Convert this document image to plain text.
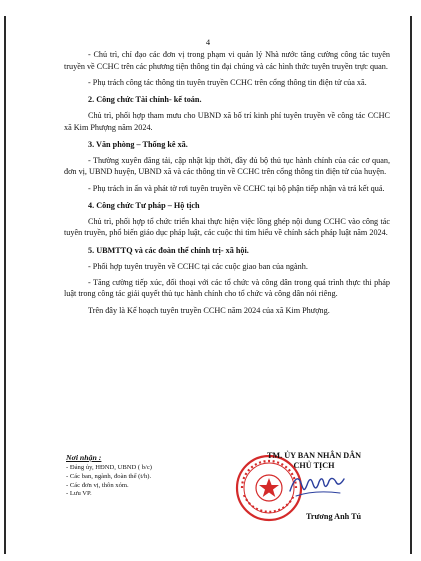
4

- Chủ trì, chỉ đạo các đơn vị trong phạm vi quản lý Nhà nước tăng cường công tác tuyên truyền về CCHC trên các phương tiện thông tin đại chúng và các hình thức tuyên truyền trực quan.

- Phụ trách công tác thông tin tuyên truyền CCHC trên cổng thông tin điện tử của xã.

2. Công chức Tài chính- kế toán.

Chủ trì, phối hợp tham mưu cho UBND xã bố trí kinh phí tuyên truyền về công tác CCHC xã Kim Phượng năm 2024.

3. Văn phòng – Thống kê xã.

- Thường xuyên đăng tải, cập nhật kịp thời, đầy đủ bộ thủ tục hành chính của các cơ quan, đơn vị, UBND huyện, UBND xã và các thông tin về CCHC trên cổng thông tin điện tử của huyện.

- Phụ trách in ấn và phát tờ rơi tuyên truyền về CCHC tại bộ phận tiếp nhận và trả kết quả.

4. Công chức Tư pháp – Hộ tịch

Chủ trì, phối hợp tổ chức triển khai thực hiện việc lồng ghép nội dung CCHC vào công tác tuyên truyền, phổ biến giáo dục pháp luật, các cuộc thi tìm hiểu về chính sách pháp luật năm 2024.

5. UBMTTQ và các đoàn thể chính trị- xã hội.

- Phối hợp tuyên truyền về CCHC tại các cuộc giao ban của ngành.

- Tăng cường tiếp xúc, đối thoại với các tổ chức và công dân trong quá trình thực thi pháp luật trong công tác giải quyết thủ tục hành chính cho tổ chức và công dân nói riêng.

Trên đây là Kế hoạch tuyên truyền CCHC năm 2024 của xã Kim Phượng.

Nơi nhận :
- Đảng ủy, HĐND, UBND ( b/c)
- Các ban, ngành, đoàn thể (t/h).
- Các đơn vị, thôn xóm.
- Lưu VP.
TM. ỦY BAN NHÂN DÂN
CHỦ TỊCH
Trương Anh Tú
